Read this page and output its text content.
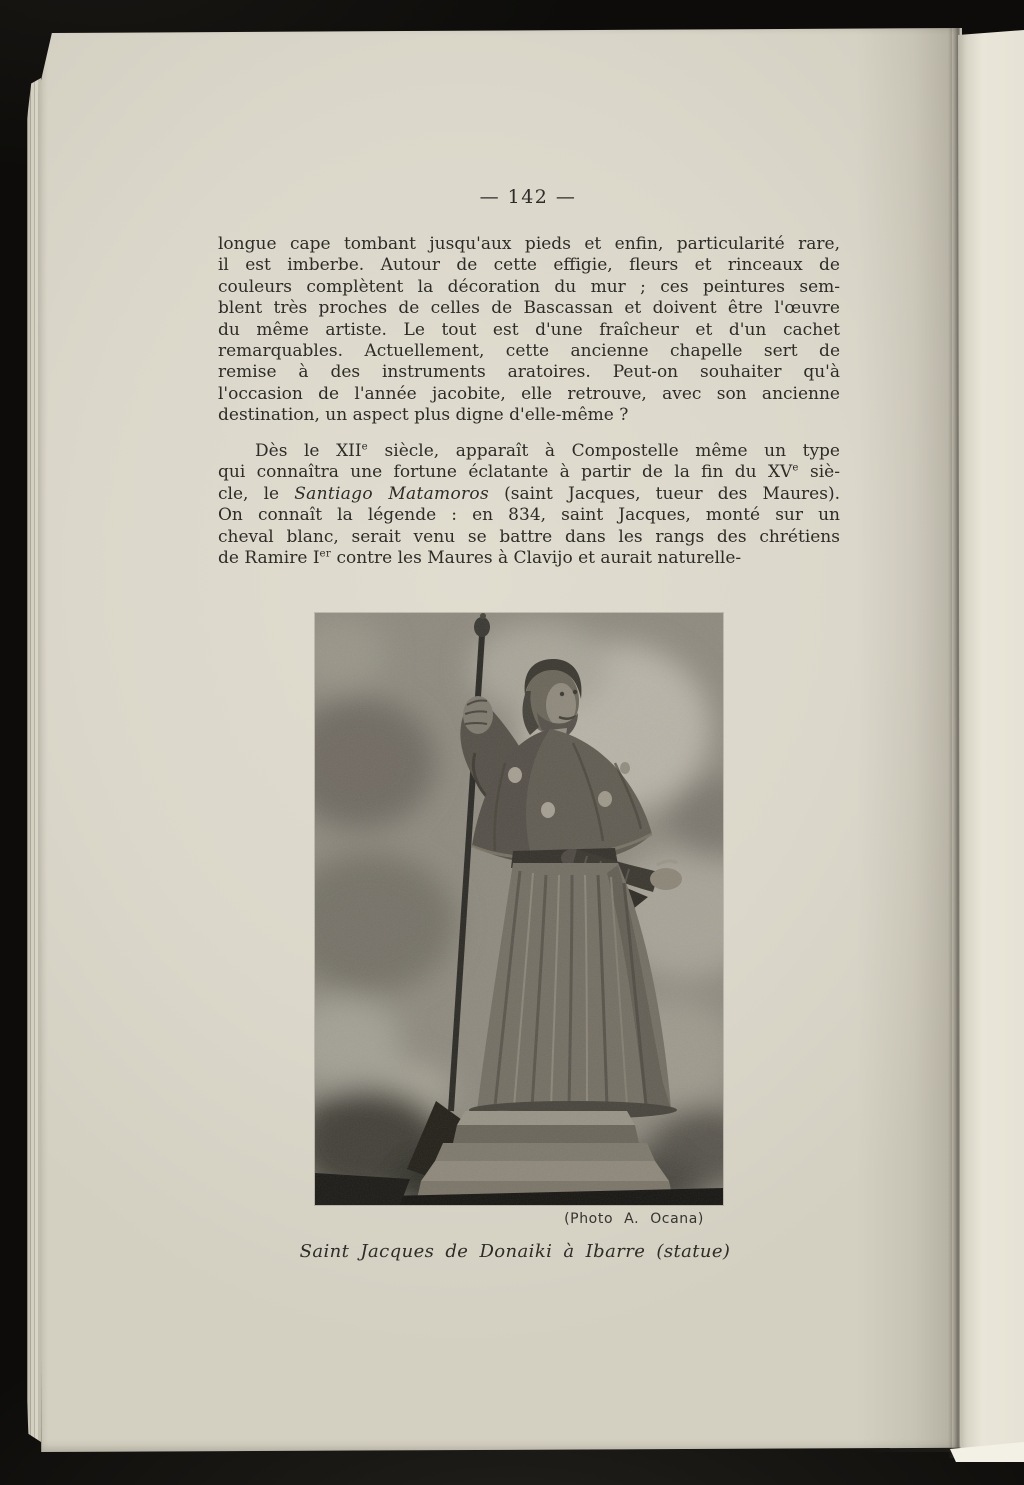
— 142 —
longue cape tombant jusqu'aux pieds et enfin, particularité rare,
il est imberbe. Autour de cette effigie, fleurs et rinceaux de
couleurs complètent la décoration du mur ; ces peintures sem-
blent très proches de celles de Bascassan et doivent être l'œuvre
du même artiste. Le tout est d'une fraîcheur et d'un cachet
remarquables. Actuellement, cette ancienne chapelle sert de
remise à des instruments aratoires. Peut-on souhaiter qu'à
l'occasion de l'année jacobite, elle retrouve, avec son ancienne
destination, un aspect plus digne d'elle-même ?
Dès le XIIe siècle, apparaît à Compostelle même un type
qui connaîtra une fortune éclatante à partir de la fin du XVe siè-
cle, le Santiago Matamoros (saint Jacques, tueur des Maures).
On connaît la légende : en 834, saint Jacques, monté sur un
cheval blanc, serait venu se battre dans les rangs des chrétiens
de Ramire Ier contre les Maures à Clavijo et aurait naturelle-
(Photo A. Ocana)
Saint Jacques de Donaiki à Ibarre (statue)
